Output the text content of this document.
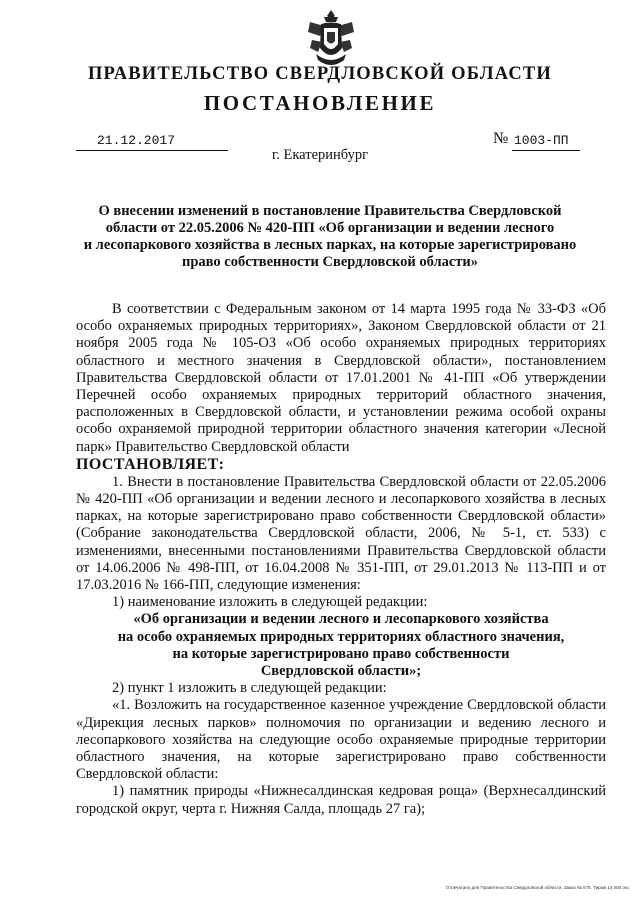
ПРАВИТЕЛЬСТВО СВЕРДЛОВСКОЙ ОБЛАСТИ
ПОСТАНОВЛЕНИЕ
21.12.2017	№ 1003-ПП
г. Екатеринбург
О внесении изменений в постановление Правительства Свердловской
области от 22.05.2006 № 420-ПП «Об организации и ведении лесного
и лесопаркового хозяйства в лесных парках, на которые зарегистрировано
право собственности Свердловской области»

В соответствии с Федеральным законом от 14 марта 1995 года № 33-ФЗ «Об особо охраняемых природных территориях», Законом Свердловской области от 21 ноября 2005 года № 105-ОЗ «Об особо охраняемых природных территориях областного и местного значения в Свердловской области», постановлением Правительства Свердловской области от 17.01.2001 № 41-ПП «Об утверждении Перечней особо охраняемых природных территорий областного значения, расположенных в Свердловской области, и установлении режима особой охраны особо охраняемой природной территории областного значения категории «Лесной парк» Правительство Свердловской области

ПОСТАНОВЛЯЕТ:

1. Внести в постановление Правительства Свердловской области от 22.05.2006 № 420-ПП «Об организации и ведении лесного и лесопаркового хозяйства в лесных парках, на которые зарегистрировано право собственности Свердловской области» (Собрание законодательства Свердловской области, 2006, № 5-1, ст. 533) с изменениями, внесенными постановлениями Правительства Свердловской области от 14.06.2006 № 498-ПП, от 16.04.2008 № 351-ПП, от 29.01.2013 № 113-ПП и от 17.03.2016 № 166-ПП, следующие изменения:

1) наименование изложить в следующей редакции:

«Об организации и ведении лесного и лесопаркового хозяйства
на особо охраняемых природных территориях областного значения,
на которые зарегистрировано право собственности
Свердловской области»;

2) пункт 1 изложить в следующей редакции:

«1. Возложить на государственное казенное учреждение Свердловской области «Дирекция лесных парков» полномочия по организации и ведению лесного и лесопаркового хозяйства на следующие особо охраняемые природные территории областного значения, на которые зарегистрировано право собственности Свердловской области:

1) памятник природы «Нижнесалдинская кедровая роща» (Верхнесалдинский городской округ, черта г. Нижняя Салда, площадь 27 га);

Отпечатано для Правительства Свердловской области. Заказ № 575. Тираж 14 000 экз.
